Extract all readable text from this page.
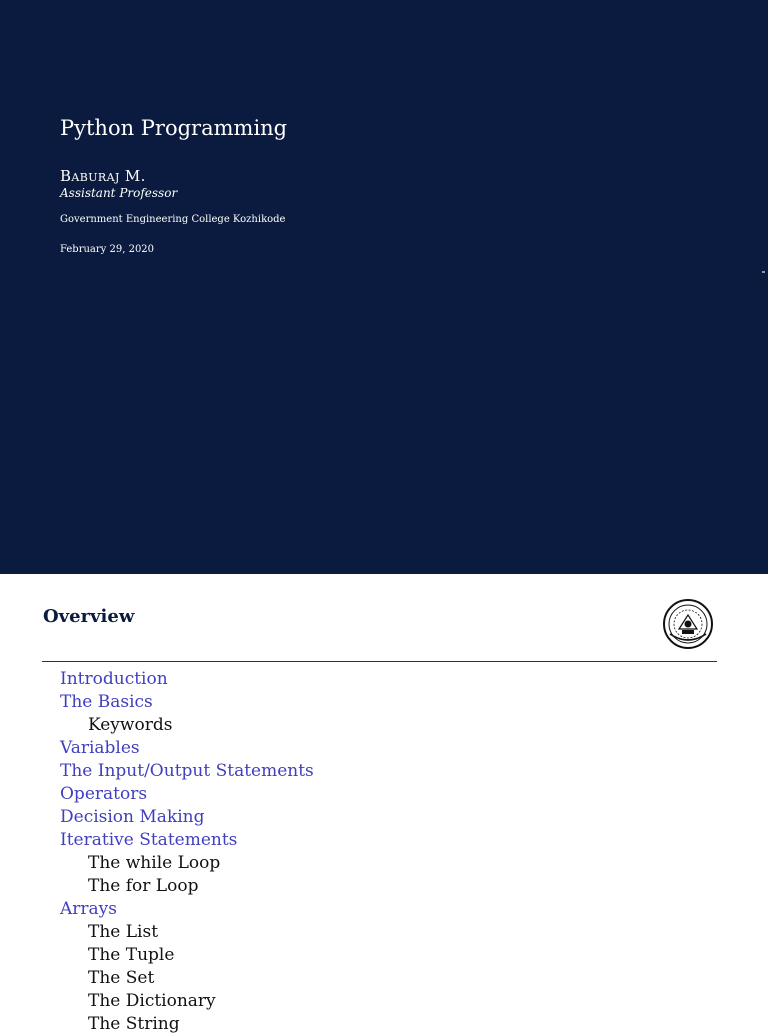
Python Programming
Baburaj M.
Assistant Professor
Government Engineering College Kozhikode
February 29, 2020
Overview
Introduction
The Basics
Keywords
Variables
The Input/Output Statements
Operators
Decision Making
Iterative Statements
The while Loop
The for Loop
Arrays
The List
The Tuple
The Set
The Dictionary
The String
